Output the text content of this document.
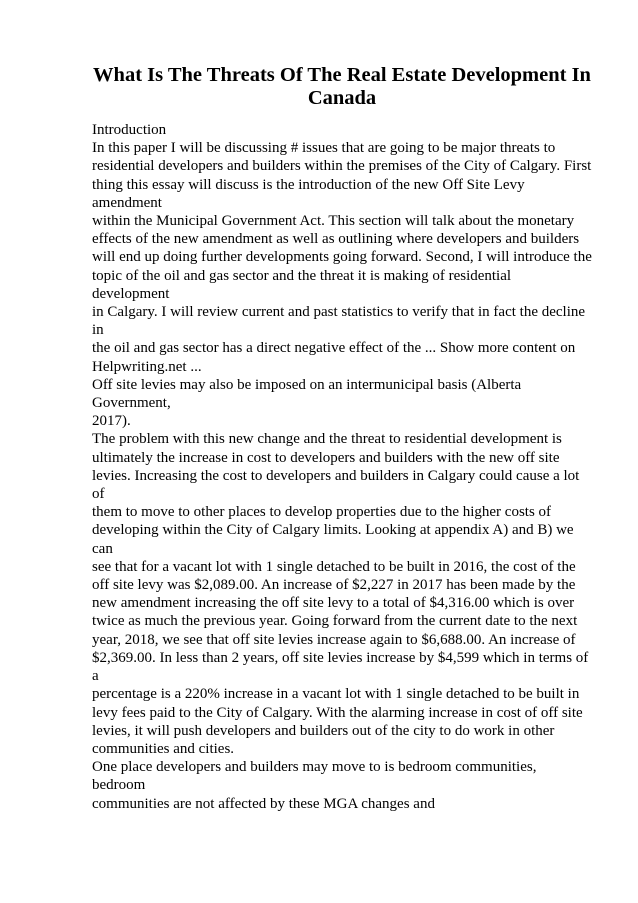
What Is The Threats Of The Real Estate Development In Canada

Introduction

In this paper I will be discussing # issues that are going to be major threats to
residential developers and builders within the premises of the City of Calgary. First
thing this essay will discuss is the introduction of the new Off Site Levy amendment
within the Municipal Government Act. This section will talk about the monetary
effects of the new amendment as well as outlining where developers and builders
will end up doing further developments going forward. Second, I will introduce the
topic of the oil and gas sector and the threat it is making of residential development
in Calgary. I will review current and past statistics to verify that in fact the decline in
the oil and gas sector has a direct negative effect of the ... Show more content on
Helpwriting.net ...

Off site levies may also be imposed on an intermunicipal basis (Alberta Government,
2017).

The problem with this new change and the threat to residential development is
ultimately the increase in cost to developers and builders with the new off site
levies. Increasing the cost to developers and builders in Calgary could cause a lot of
them to move to other places to develop properties due to the higher costs of
developing within the City of Calgary limits. Looking at appendix A) and B) we can
see that for a vacant lot with 1 single detached to be built in 2016, the cost of the
off site levy was $2,089.00. An increase of $2,227 in 2017 has been made by the
new amendment increasing the off site levy to a total of $4,316.00 which is over
twice as much the previous year. Going forward from the current date to the next
year, 2018, we see that off site levies increase again to $6,688.00. An increase of
$2,369.00. In less than 2 years, off site levies increase by $4,599 which in terms of a
percentage is a 220% increase in a vacant lot with 1 single detached to be built in
levy fees paid to the City of Calgary. With the alarming increase in cost of off site
levies, it will push developers and builders out of the city to do work in other
communities and cities.

One place developers and builders may move to is bedroom communities, bedroom
communities are not affected by these MGA changes and
